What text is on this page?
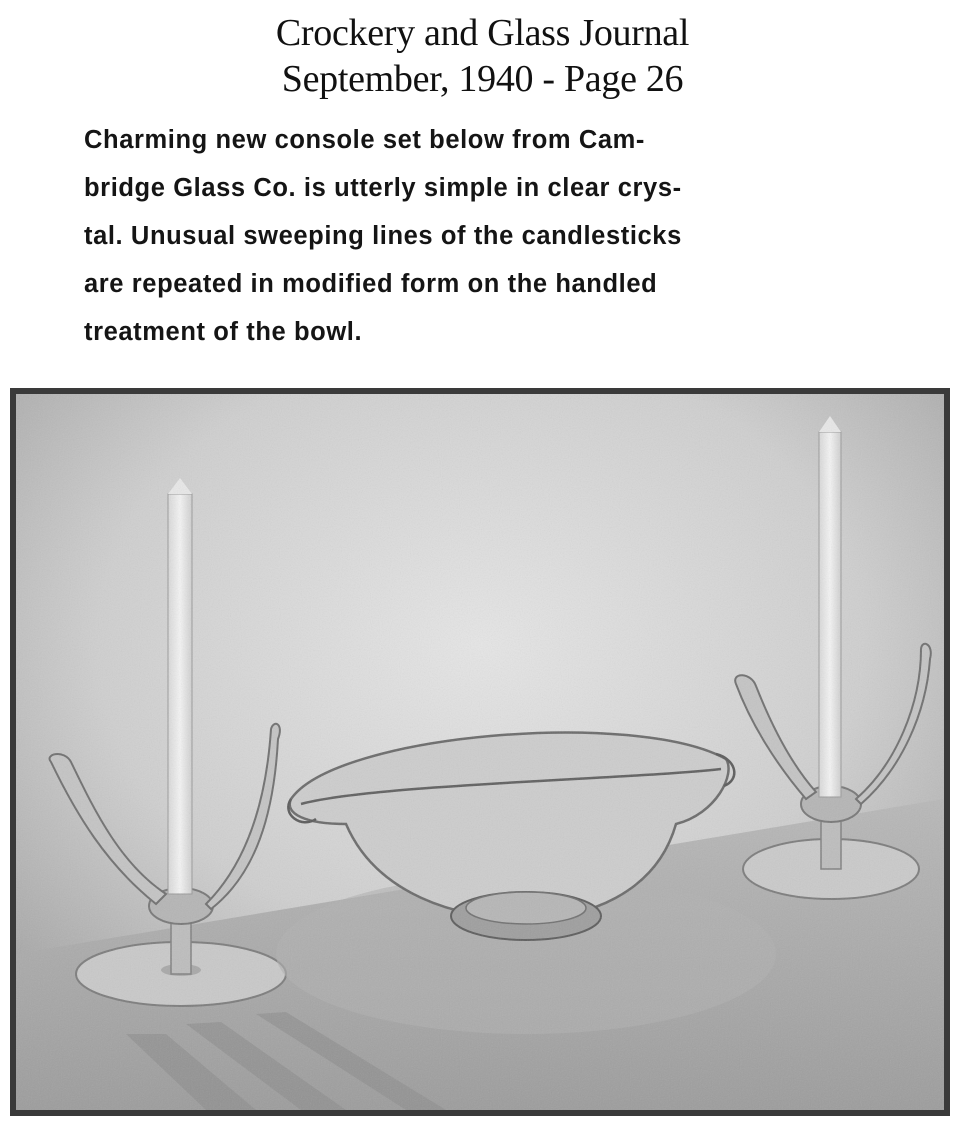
Crockery and Glass Journal
September, 1940 - Page 26
Charming new console set below from Cam-
bridge Glass Co. is utterly simple in clear crys-
tal. Unusual sweeping lines of the candlesticks
are repeated in modified form on the handled
treatment of the bowl.
